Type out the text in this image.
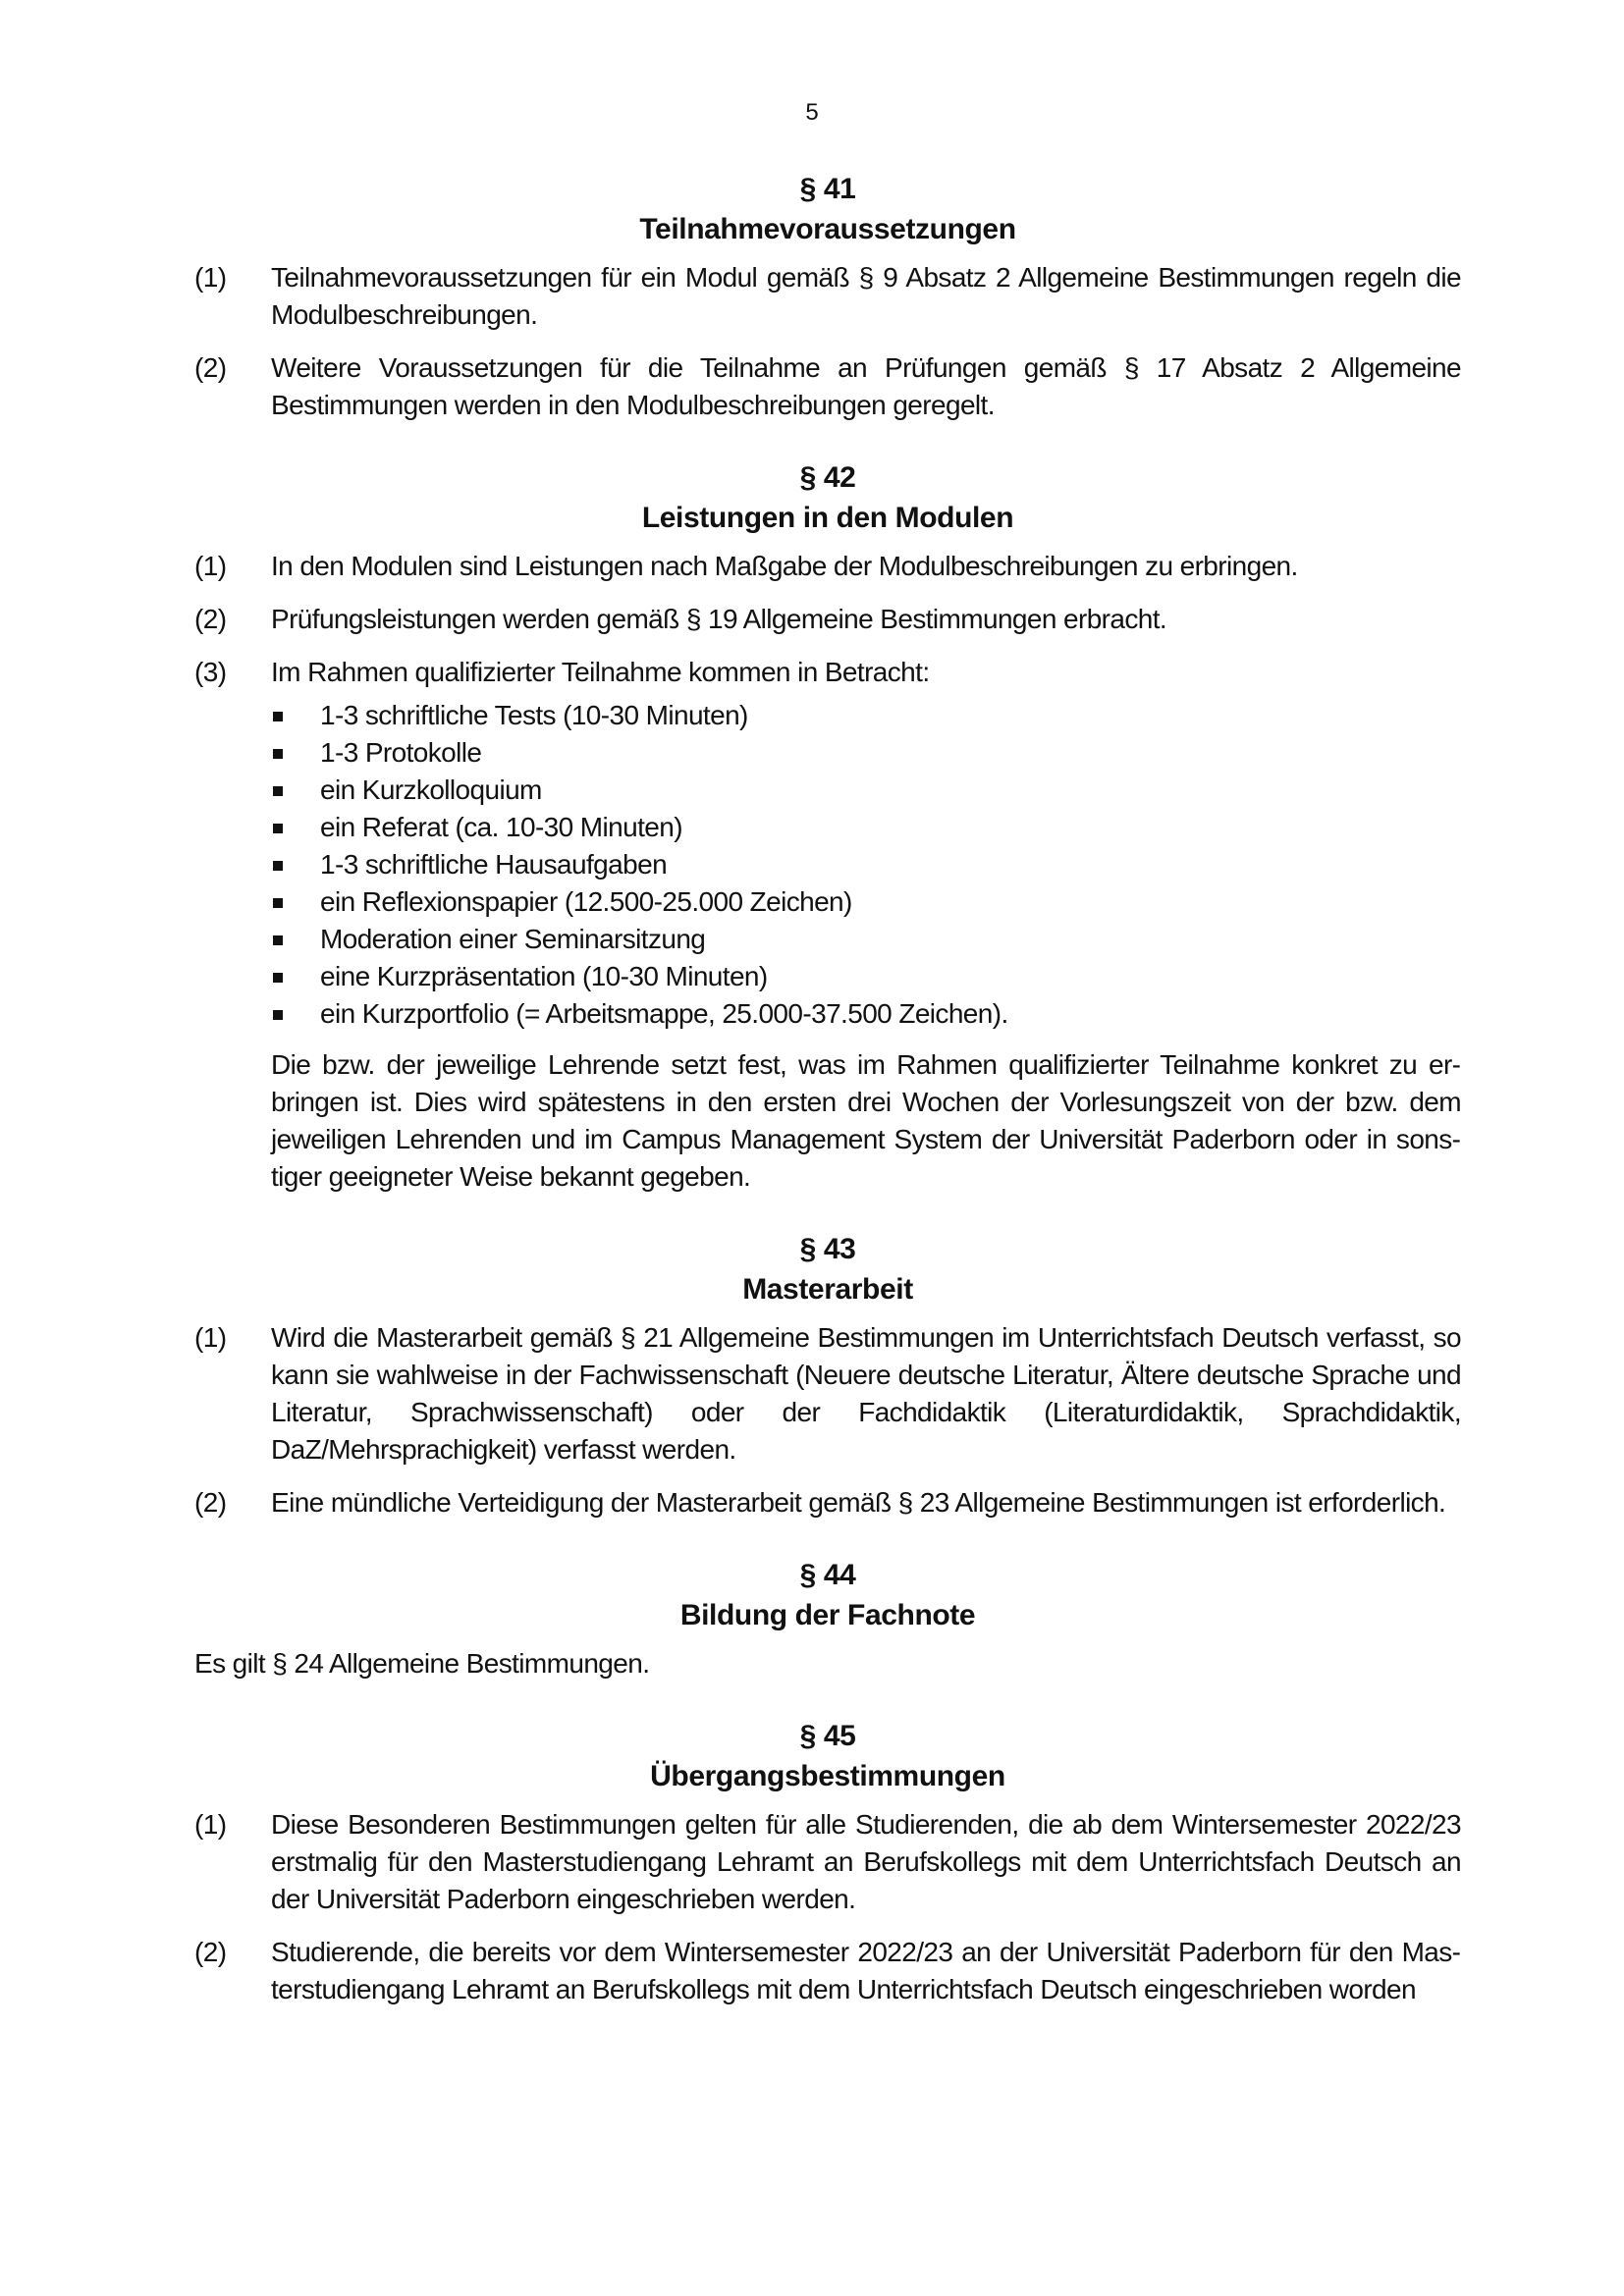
5
§ 41
Teilnahmevoraussetzungen
(1)	Teilnahmevoraussetzungen für ein Modul gemäß § 9 Absatz 2 Allgemeine Bestimmungen regeln die Modulbeschreibungen.
(2)	Weitere Voraussetzungen für die Teilnahme an Prüfungen gemäß § 17 Absatz 2 Allgemeine Bestimmungen werden in den Modulbeschreibungen geregelt.
§ 42
Leistungen in den Modulen
(1)	In den Modulen sind Leistungen nach Maßgabe der Modulbeschreibungen zu erbringen.
(2)	Prüfungsleistungen werden gemäß § 19 Allgemeine Bestimmungen erbracht.
(3)	Im Rahmen qualifizierter Teilnahme kommen in Betracht:
1-3 schriftliche Tests (10-30 Minuten)
1-3 Protokolle
ein Kurzkolloquium
ein Referat (ca. 10-30 Minuten)
1-3 schriftliche Hausaufgaben
ein Reflexionspapier (12.500-25.000 Zeichen)
Moderation einer Seminarsitzung
eine Kurzpräsentation (10-30 Minuten)
ein Kurzportfolio (= Arbeitsmappe, 25.000-37.500 Zeichen).
Die bzw. der jeweilige Lehrende setzt fest, was im Rahmen qualifizierter Teilnahme konkret zu erbringen ist. Dies wird spätestens in den ersten drei Wochen der Vorlesungszeit von der bzw. dem jeweiligen Lehrenden und im Campus Management System der Universität Paderborn oder in sonstiger geeigneter Weise bekannt gegeben.
§ 43
Masterarbeit
(1)	Wird die Masterarbeit gemäß § 21 Allgemeine Bestimmungen im Unterrichtsfach Deutsch verfasst, so kann sie wahlweise in der Fachwissenschaft (Neuere deutsche Literatur, Ältere deutsche Sprache und Literatur, Sprachwissenschaft) oder der Fachdidaktik (Literaturdidaktik, Sprachdidaktik, DaZ/Mehrsprachigkeit) verfasst werden.
(2)	Eine mündliche Verteidigung der Masterarbeit gemäß § 23 Allgemeine Bestimmungen ist erforderlich.
§ 44
Bildung der Fachnote
Es gilt § 24 Allgemeine Bestimmungen.
§ 45
Übergangsbestimmungen
(1)	Diese Besonderen Bestimmungen gelten für alle Studierenden, die ab dem Wintersemester 2022/23 erstmalig für den Masterstudiengang Lehramt an Berufskollegs mit dem Unterrichtsfach Deutsch an der Universität Paderborn eingeschrieben werden.
(2)	Studierende, die bereits vor dem Wintersemester 2022/23 an der Universität Paderborn für den Masterstudiengang Lehramt an Berufskollegs mit dem Unterrichtsfach Deutsch eingeschrieben worden
